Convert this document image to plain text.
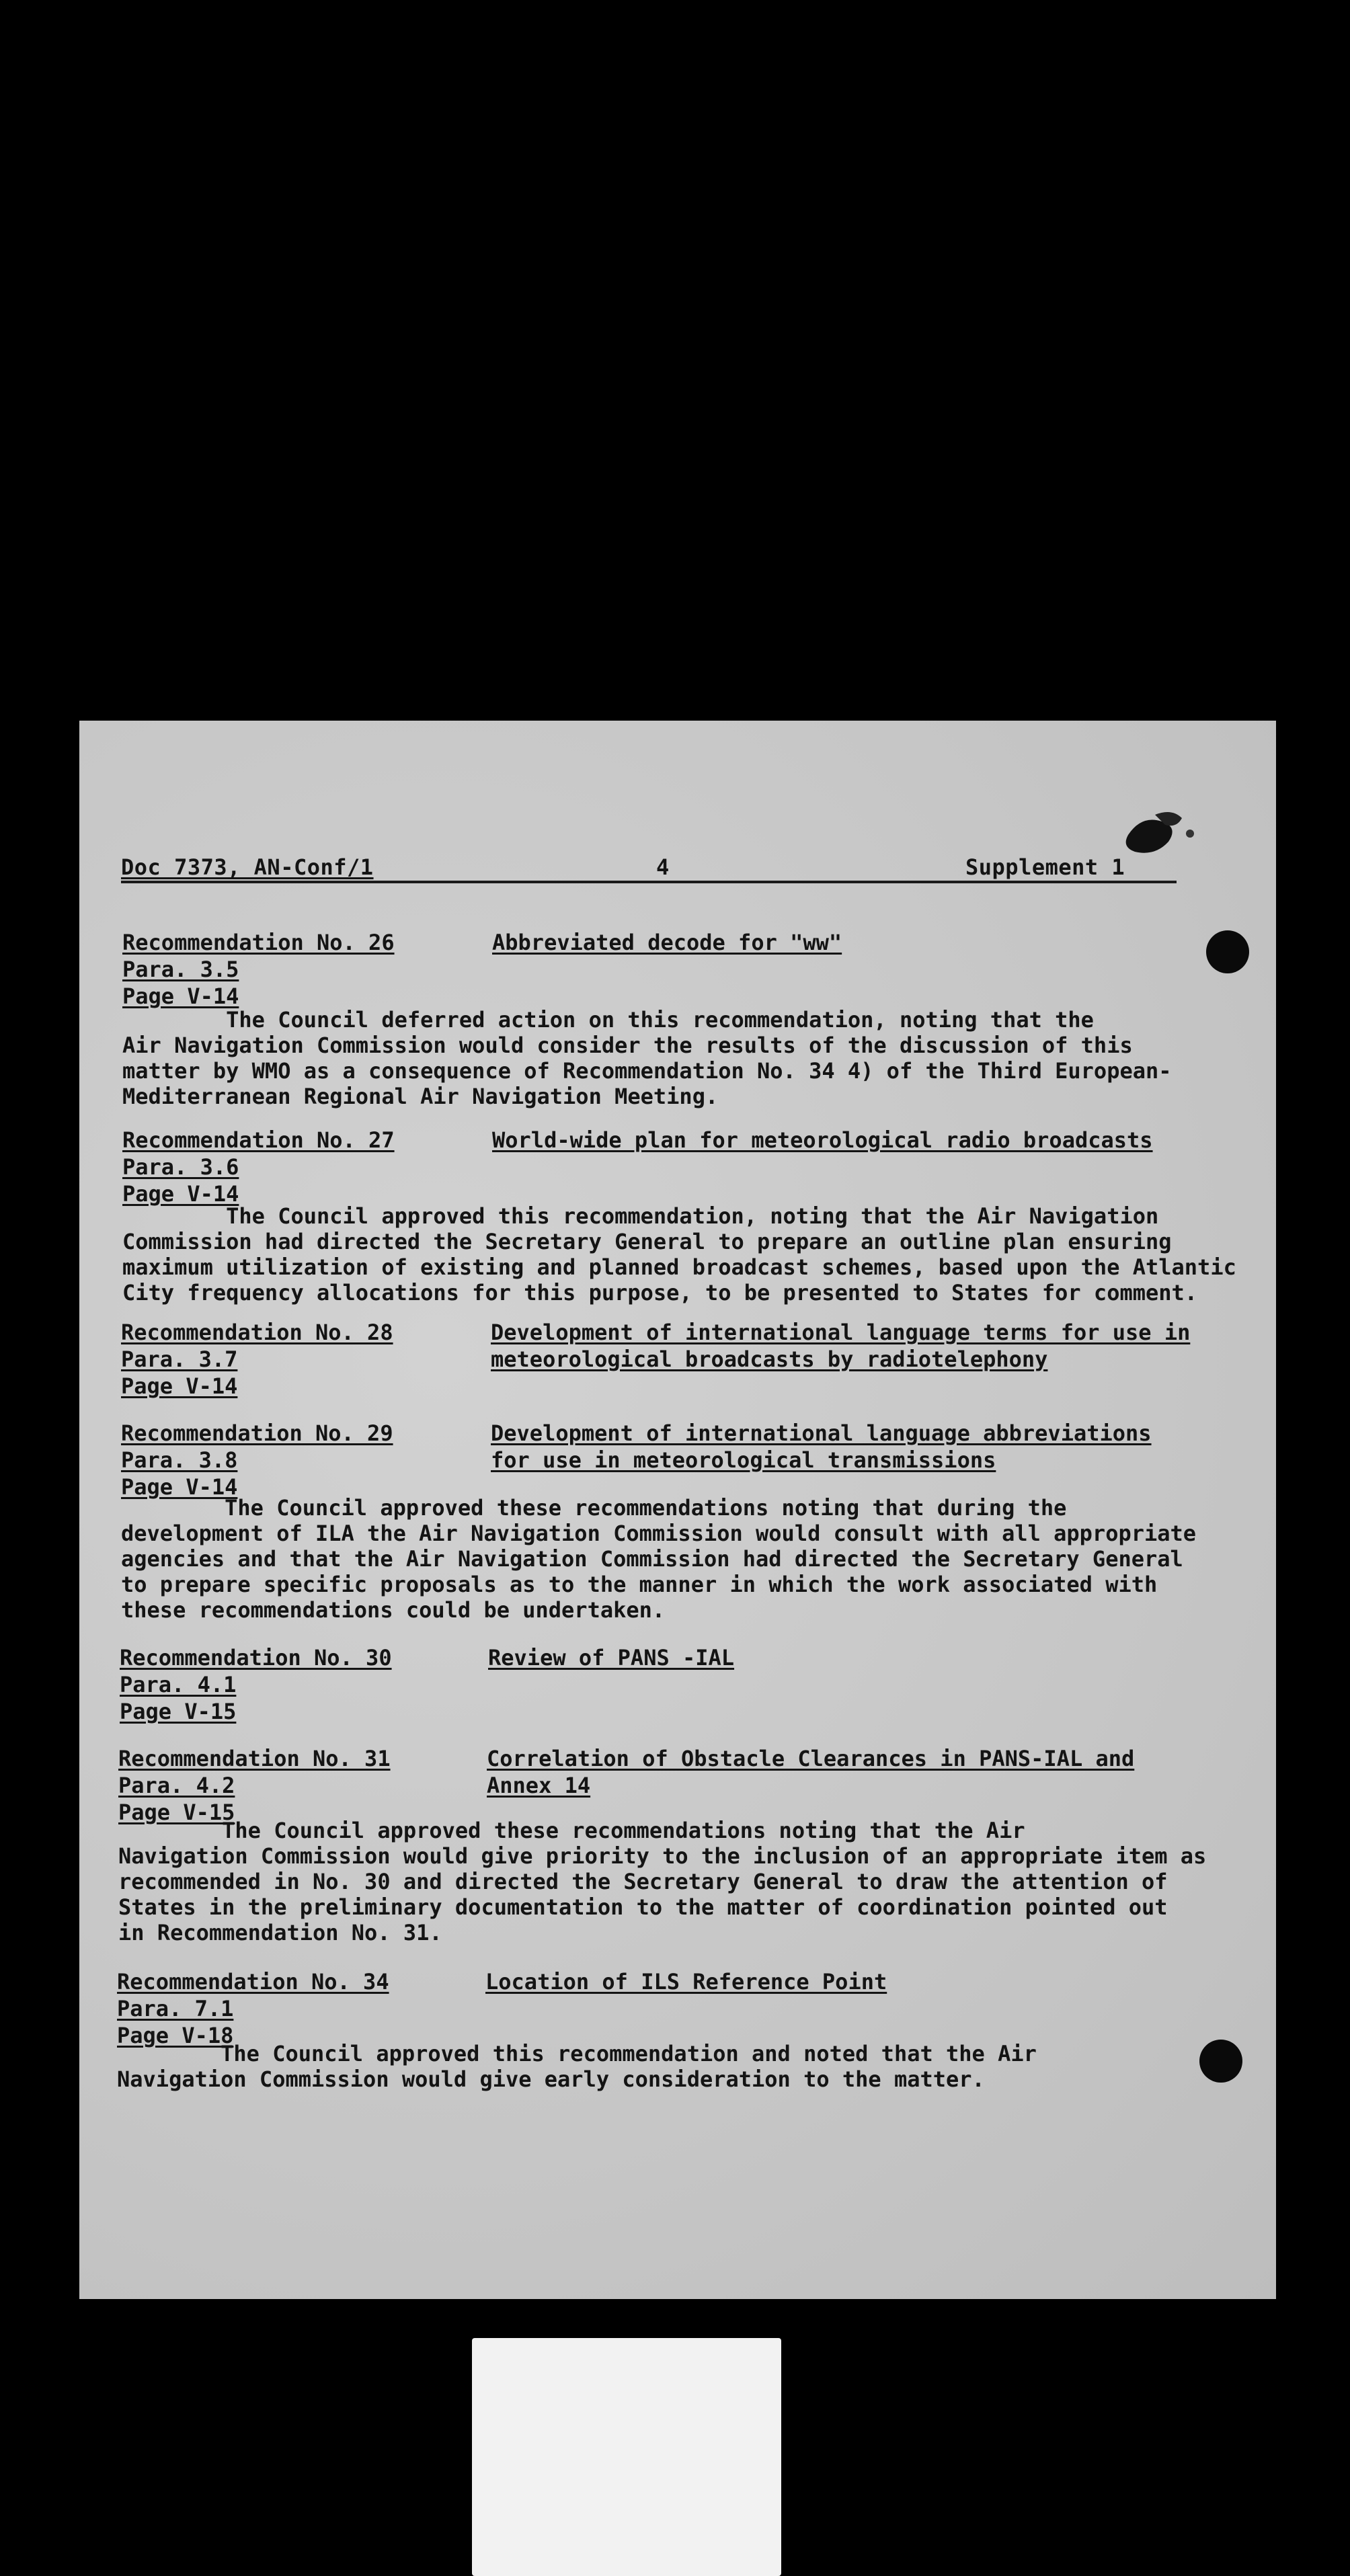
Doc 7373, AN-Conf/1	4	Supplement 1
Recommendation No. 26
Para. 3.5
Page V-14
Abbreviated decode for "ww"
The Council deferred action on this recommendation, noting that the
Air Navigation Commission would consider the results of the discussion of this
matter by WMO as a consequence of Recommendation No. 34 4) of the Third European-
Mediterranean Regional Air Navigation Meeting.
Recommendation No. 27
Para. 3.6
Page V-14
World-wide plan for meteorological radio broadcasts
The Council approved this recommendation, noting that the Air Navigation
Commission had directed the Secretary General to prepare an outline plan ensuring
maximum utilization of existing and planned broadcast schemes, based upon the Atlantic
City frequency allocations for this purpose, to be presented to States for comment.
Recommendation No. 28
Para. 3.7
Page V-14
Development of international language terms for use in
meteorological broadcasts by radiotelephony
Recommendation No. 29
Para. 3.8
Page V-14
Development of international language abbreviations
for use in meteorological transmissions
The Council approved these recommendations noting that during the
development of ILA the Air Navigation Commission would consult with all appropriate
agencies and that the Air Navigation Commission had directed the Secretary General
to prepare specific proposals as to the manner in which the work associated with
these recommendations could be undertaken.
Recommendation No. 30
Para. 4.1
Page V-15
Review of PANS -IAL
Recommendation No. 31
Para. 4.2
Page V-15
Correlation of Obstacle Clearances in PANS-IAL and
Annex 14
The Council approved these recommendations noting that the Air
Navigation Commission would give priority to the inclusion of an appropriate item as
recommended in No. 30 and directed the Secretary General to draw the attention of
States in the preliminary documentation to the matter of coordination pointed out
in Recommendation No. 31.
Recommendation No. 34
Para. 7.1
Page V-18
Location of ILS Reference Point
The Council approved this recommendation and noted that the Air
Navigation Commission would give early consideration to the matter.
